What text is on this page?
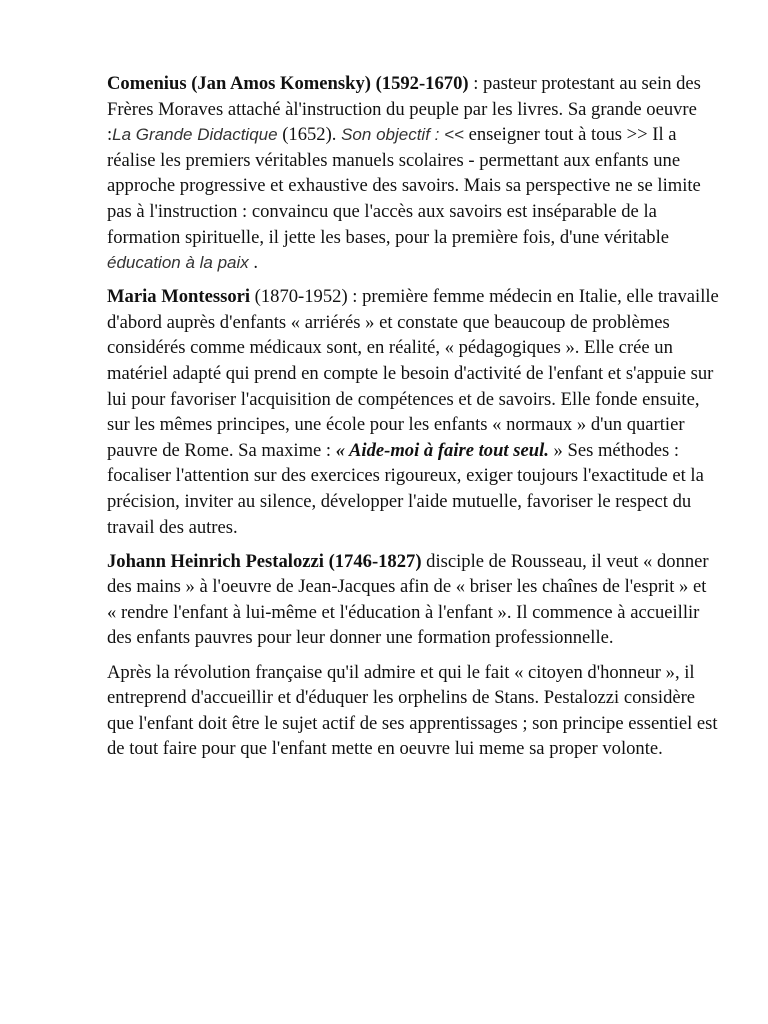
Comenius (Jan Amos Komensky) (1592-1670) : pasteur protestant au sein des Frères Moraves attaché àl'instruction du peuple par les livres. Sa grande oeuvre :La Grande Didactique (1652). Son objectif : << enseigner tout à tous >> Il a réalise les premiers véritables manuels scolaires - permettant aux enfants une approche progressive et exhaustive des savoirs. Mais sa perspective ne se limite pas à l'instruction : convaincu que l'accès aux savoirs est inséparable de la formation spirituelle, il jette les bases, pour la première fois, d'une véritable éducation à la paix .

Maria Montessori (1870-1952) : première femme médecin en Italie, elle travaille d'abord auprès d'enfants « arriérés » et constate que beaucoup de problèmes considérés comme médicaux sont, en réalité, « pédagogiques ». Elle crée un matériel adapté qui prend en compte le besoin d'activité de l'enfant et s'appuie sur lui pour favoriser l'acquisition de compétences et de savoirs. Elle fonde ensuite, sur les mêmes principes, une école pour les enfants « normaux » d'un quartier pauvre de Rome. Sa maxime : « Aide-moi à faire tout seul. » Ses méthodes : focaliser l'attention sur des exercices rigoureux, exiger toujours l'exactitude et la précision, inviter au silence, développer l'aide mutuelle, favoriser le respect du travail des autres.

Johann Heinrich Pestalozzi (1746-1827) disciple de Rousseau, il veut « donner des mains » à l'oeuvre de Jean-Jacques afin de « briser les chaînes de l'esprit » et « rendre l'enfant à lui-même et l'éducation à l'enfant ». Il commence à accueillir des enfants pauvres pour leur donner une formation professionnelle.

Après la révolution française qu'il admire et qui le fait « citoyen d'honneur », il entreprend d'accueillir et d'éduquer les orphelins de Stans. Pestalozzi considère que l'enfant doit être le sujet actif de ses apprentissages ; son principe essentiel est de tout faire pour que l'enfant mette en oeuvre lui meme sa proper volonte.
